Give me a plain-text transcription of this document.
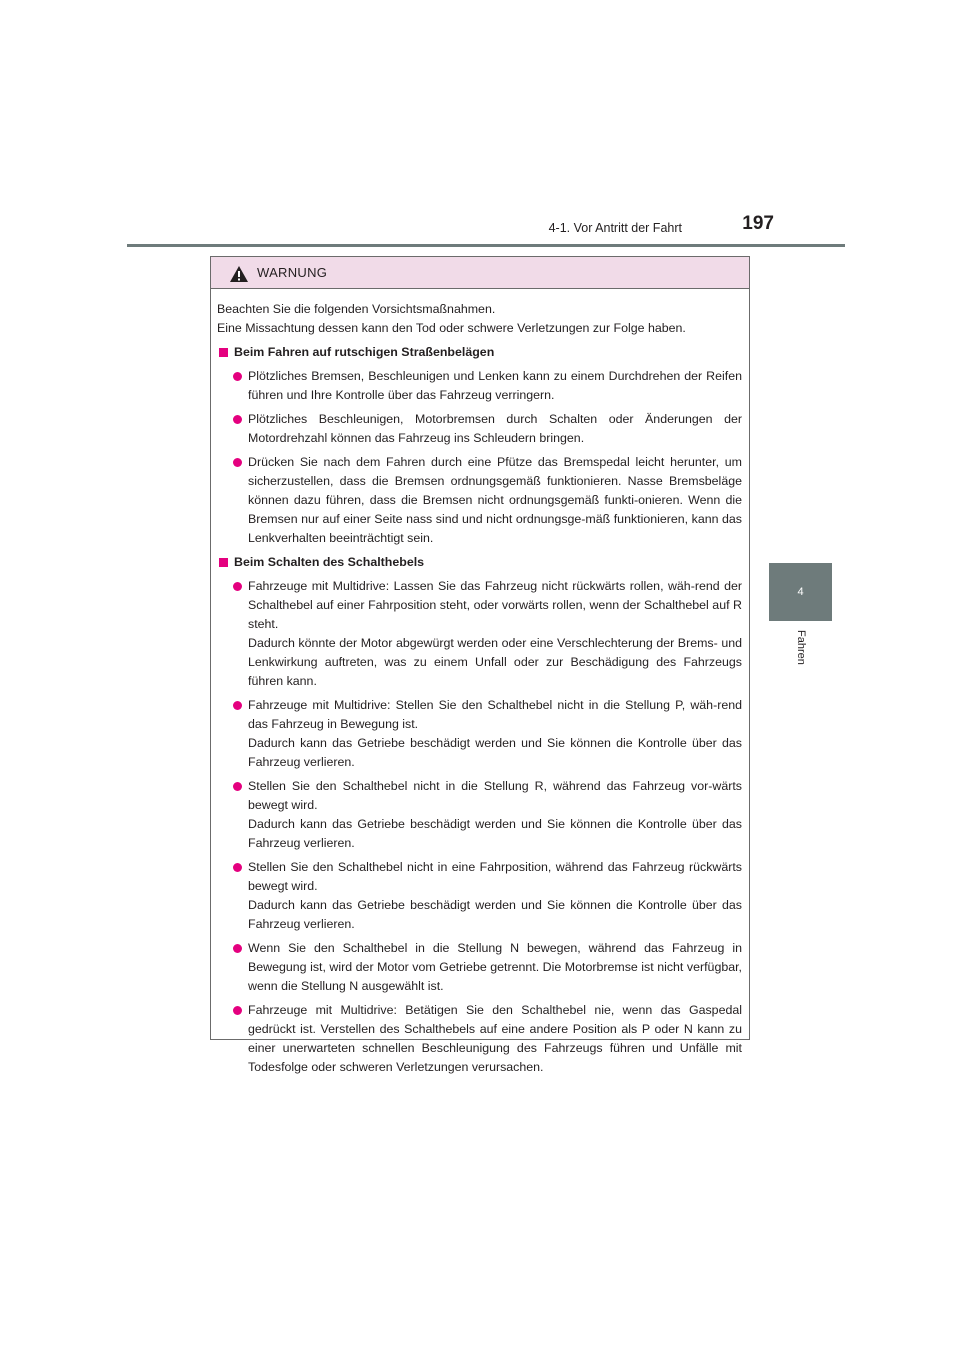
4-1. Vor Antritt der Fahrt	197
4
Fahren
WARNUNG

Beachten Sie die folgenden Vorsichtsmaßnahmen.

Eine Missachtung dessen kann den Tod oder schwere Verletzungen zur Folge haben.

Beim Fahren auf rutschigen Straßenbelägen

Plötzliches Bremsen, Beschleunigen und Lenken kann zu einem Durchdrehen der Reifen führen und Ihre Kontrolle über das Fahrzeug verringern.

Plötzliches Beschleunigen, Motorbremsen durch Schalten oder Änderungen der Motordrehzahl können das Fahrzeug ins Schleudern bringen.

Drücken Sie nach dem Fahren durch eine Pfütze das Bremspedal leicht herunter, um sicherzustellen, dass die Bremsen ordnungsgemäß funktionieren. Nasse Bremsbeläge können dazu führen, dass die Bremsen nicht ordnungsgemäß funkti-onieren. Wenn die Bremsen nur auf einer Seite nass sind und nicht ordnungsge-mäß funktionieren, kann das Lenkverhalten beeinträchtigt sein.

Beim Schalten des Schalthebels

Fahrzeuge mit Multidrive: Lassen Sie das Fahrzeug nicht rückwärts rollen, wäh-rend der Schalthebel auf einer Fahrposition steht, oder vorwärts rollen, wenn der Schalthebel auf R steht.

Dadurch könnte der Motor abgewürgt werden oder eine Verschlechterung der Brems- und Lenkwirkung auftreten, was zu einem Unfall oder zur Beschädigung des Fahrzeugs führen kann.

Fahrzeuge mit Multidrive: Stellen Sie den Schalthebel nicht in die Stellung P, wäh-rend das Fahrzeug in Bewegung ist.

Dadurch kann das Getriebe beschädigt werden und Sie können die Kontrolle über das Fahrzeug verlieren.

Stellen Sie den Schalthebel nicht in die Stellung R, während das Fahrzeug vor-wärts bewegt wird.

Dadurch kann das Getriebe beschädigt werden und Sie können die Kontrolle über das Fahrzeug verlieren.

Stellen Sie den Schalthebel nicht in eine Fahrposition, während das Fahrzeug rückwärts bewegt wird.

Dadurch kann das Getriebe beschädigt werden und Sie können die Kontrolle über das Fahrzeug verlieren.

Wenn Sie den Schalthebel in die Stellung N bewegen, während das Fahrzeug in Bewegung ist, wird der Motor vom Getriebe getrennt. Die Motorbremse ist nicht verfügbar, wenn die Stellung N ausgewählt ist.

Fahrzeuge mit Multidrive: Betätigen Sie den Schalthebel nie, wenn das Gaspedal gedrückt ist. Verstellen des Schalthebels auf eine andere Position als P oder N kann zu einer unerwarteten schnellen Beschleunigung des Fahrzeugs führen und Unfälle mit Todesfolge oder schweren Verletzungen verursachen.
